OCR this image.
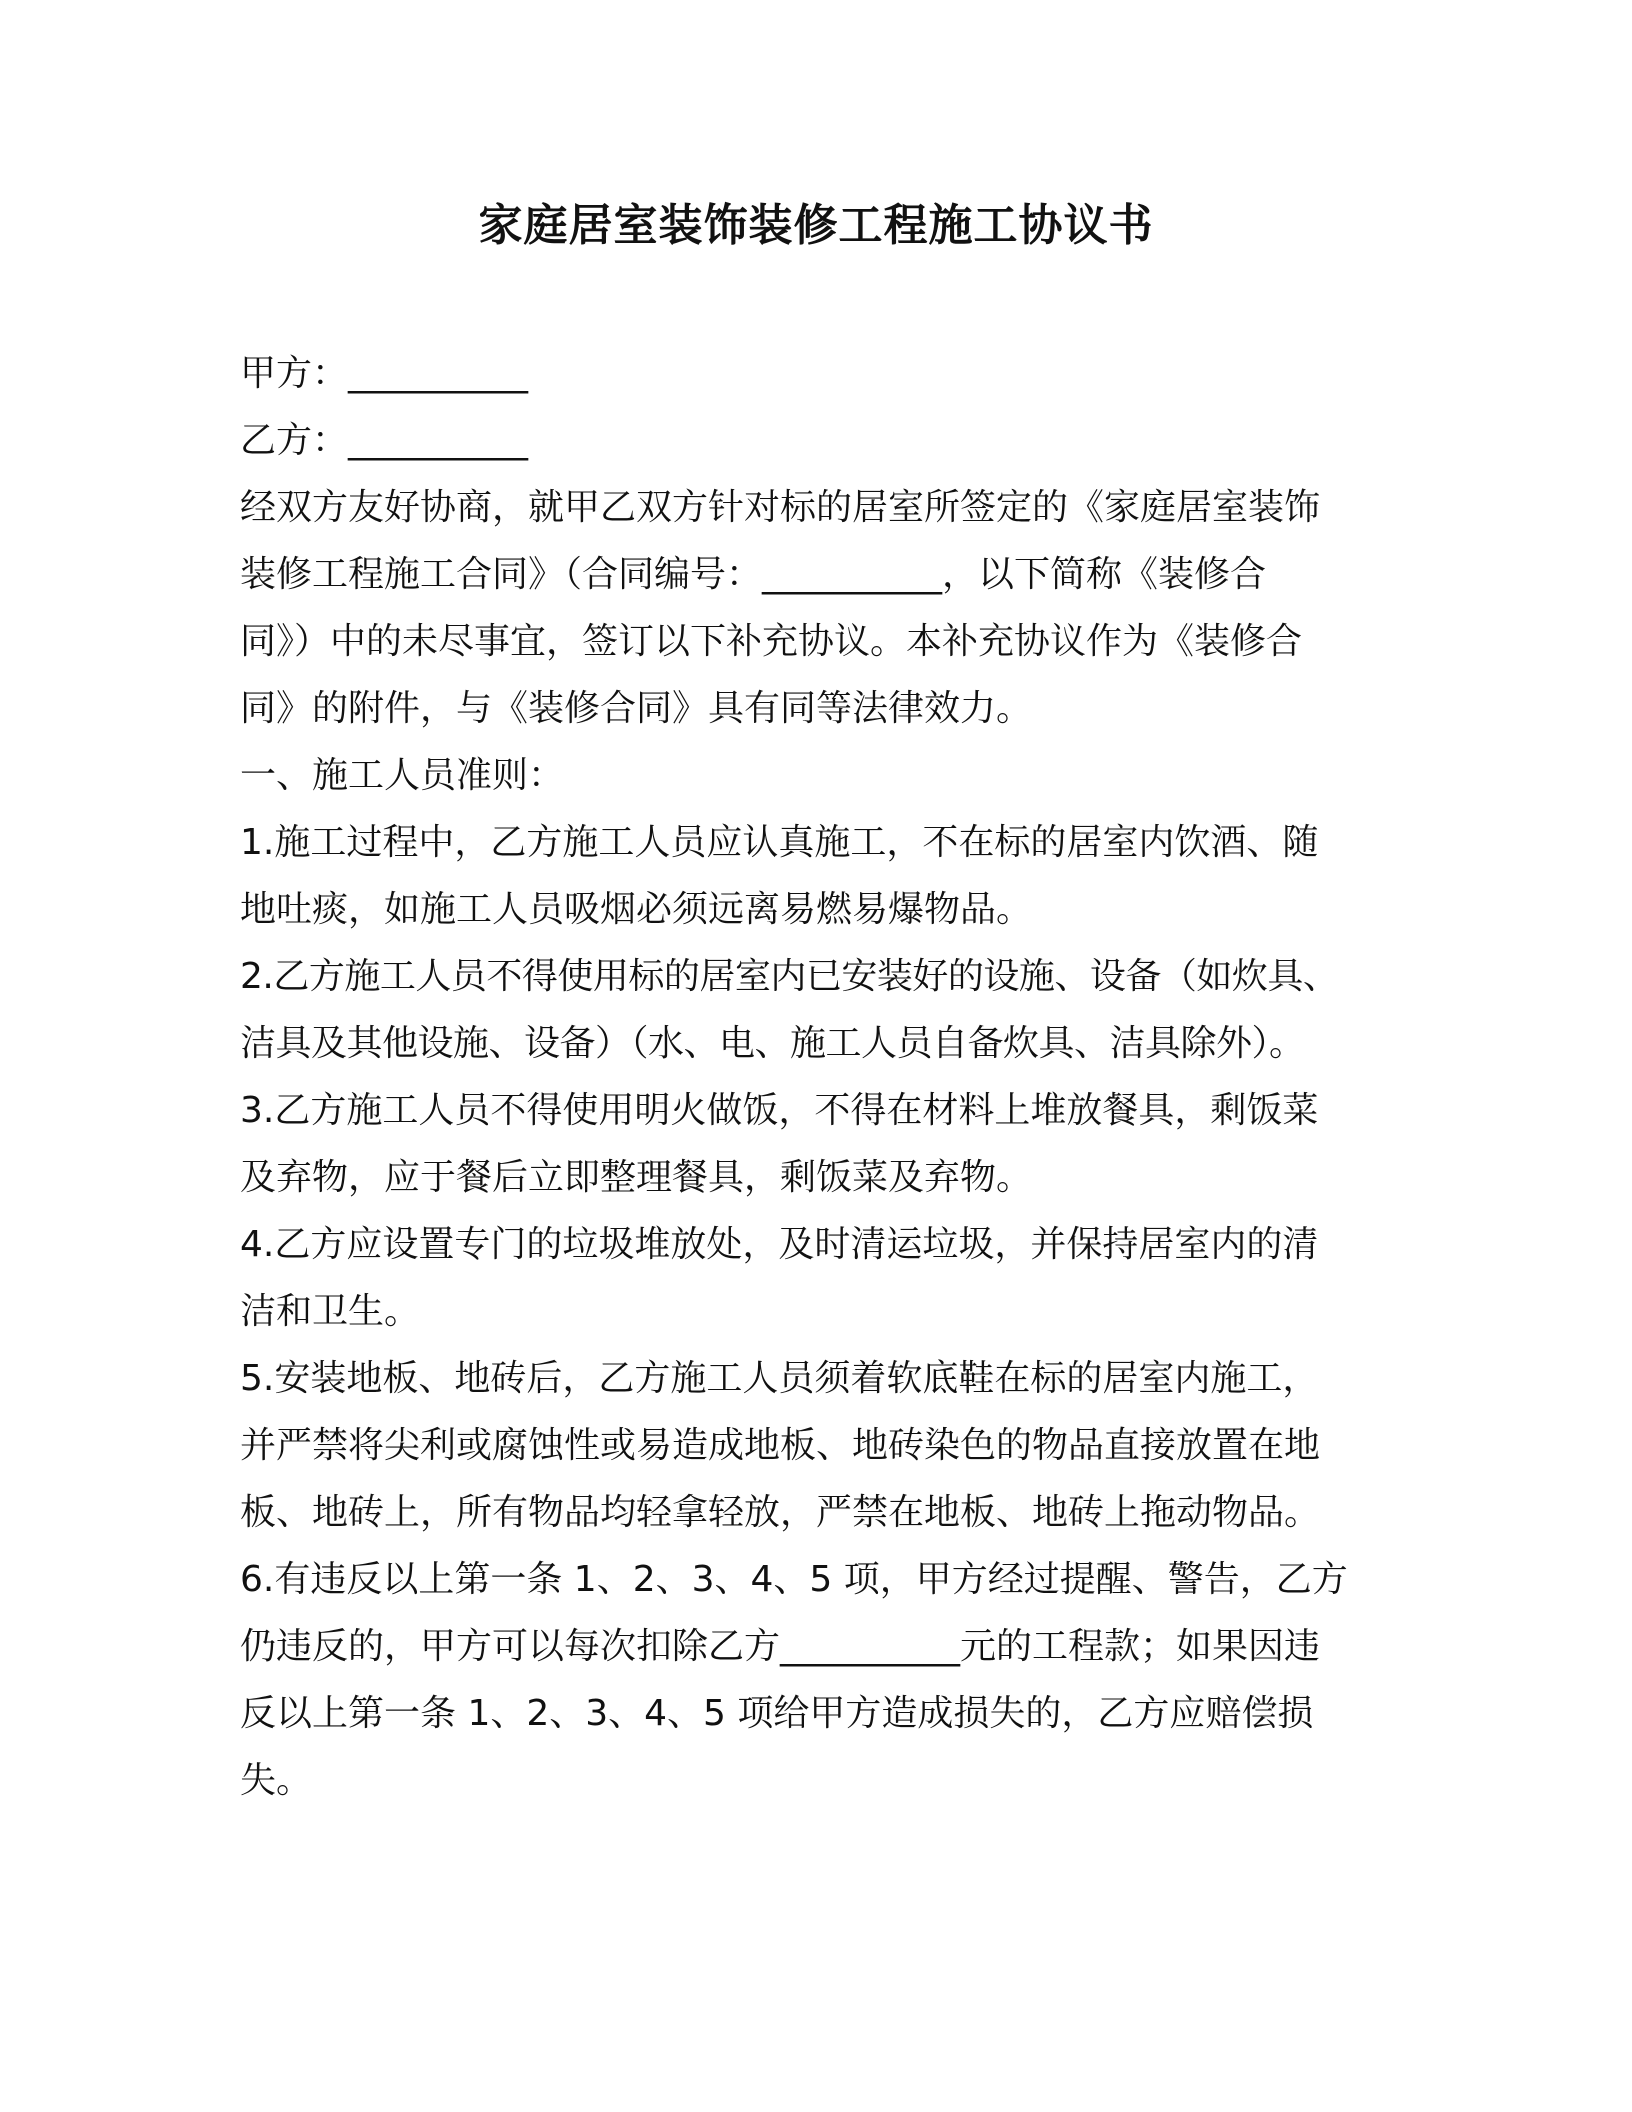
家庭居室装饰装修工程施工协议书
甲方：__________
乙方：__________
经双方友好协商，就甲乙双方针对标的居室所签定的《家庭居室装饰
装修工程施工合同》（合同编号：__________，以下简称《装修合
同》）中的未尽事宜，签订以下补充协议。本补充协议作为《装修合
同》的附件，与《装修合同》具有同等法律效力。
一、施工人员准则：
1.施工过程中，乙方施工人员应认真施工，不在标的居室内饮酒、随
地吐痰，如施工人员吸烟必须远离易燃易爆物品。
2.乙方施工人员不得使用标的居室内已安装好的设施、设备（如炊具、
洁具及其他设施、设备）（水、电、施工人员自备炊具、洁具除外）。
3.乙方施工人员不得使用明火做饭，不得在材料上堆放餐具，剩饭菜
及弃物，应于餐后立即整理餐具，剩饭菜及弃物。
4.乙方应设置专门的垃圾堆放处，及时清运垃圾，并保持居室内的清
洁和卫生。
5.安装地板、地砖后，乙方施工人员须着软底鞋在标的居室内施工，
并严禁将尖利或腐蚀性或易造成地板、地砖染色的物品直接放置在地
板、地砖上，所有物品均轻拿轻放，严禁在地板、地砖上拖动物品。
6.有违反以上第一条 1、2、3、4、5 项，甲方经过提醒、警告，乙方
仍违反的，甲方可以每次扣除乙方__________元的工程款；如果因违
反以上第一条 1、2、3、4、5 项给甲方造成损失的，乙方应赔偿损
失。
